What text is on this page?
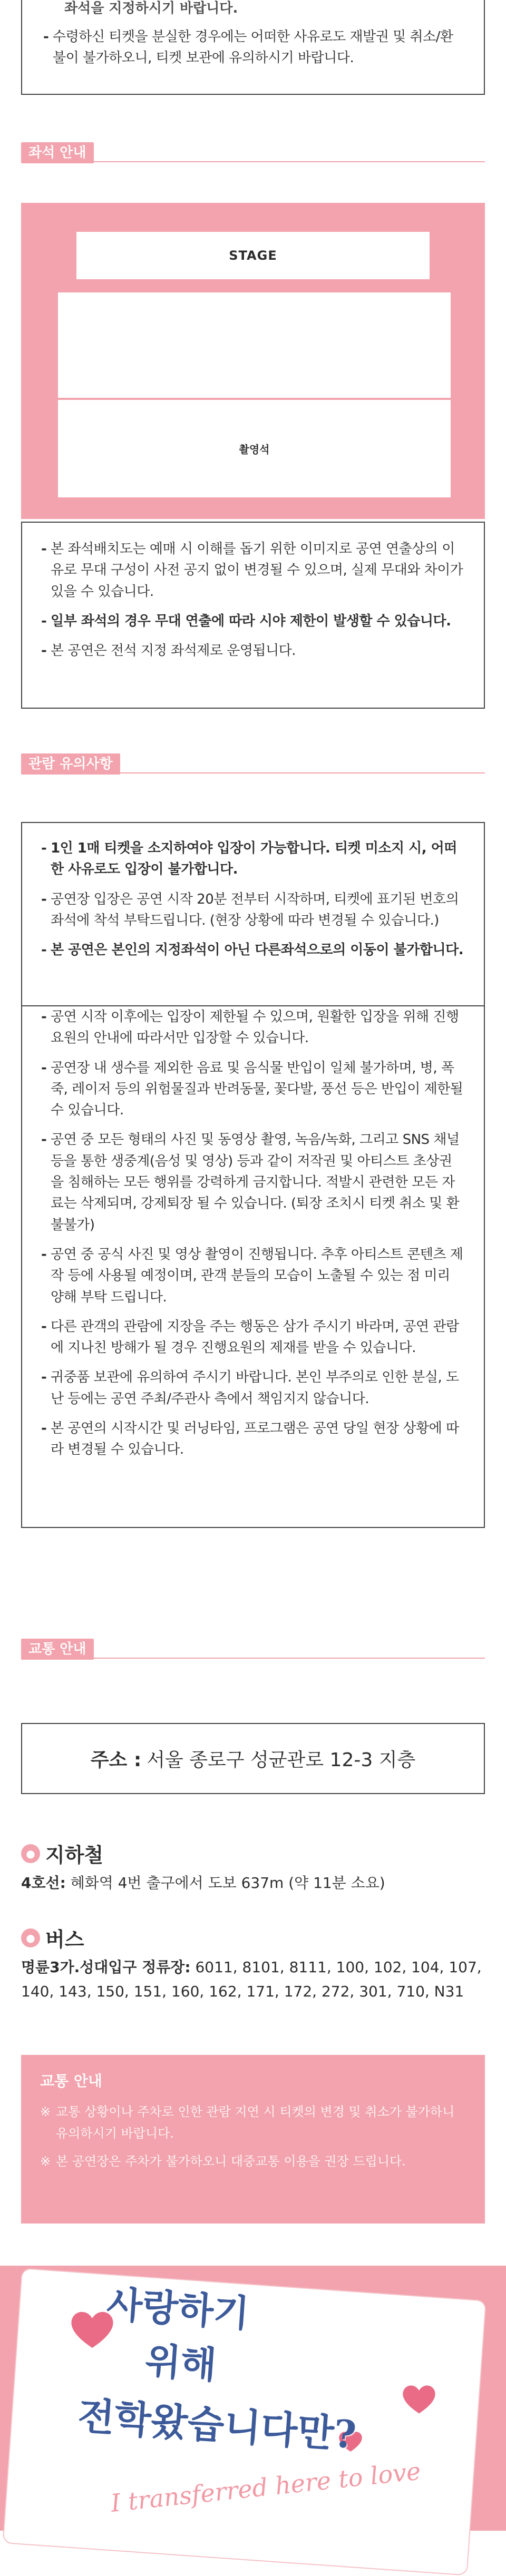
좌석을 지정하시기 바랍니다.
- 수령하신 티켓을 분실한 경우에는 어떠한 사유로도 재발권 및 취소/환불이 불가하오니, 티켓 보관에 유의하시기 바랍니다.
좌석 안내
STAGE
촬영석
- 본 좌석배치도는 예매 시 이해를 돕기 위한 이미지로 공연 연출상의 이유로 무대 구성이 사전 공지 없이 변경될 수 있으며, 실제 무대와 차이가 있을 수 있습니다.
- 일부 좌석의 경우 무대 연출에 따라 시야 제한이 발생할 수 있습니다.
- 본 공연은 전석 지정 좌석제로 운영됩니다.
관람 유의사항
- 1인 1매 티켓을 소지하여야 입장이 가능합니다. 티켓 미소지 시, 어떠한 사유로도 입장이 불가합니다.
- 공연장 입장은 공연 시작 20분 전부터 시작하며, 티켓에 표기된 번호의 좌석에 착석 부탁드립니다. (현장 상황에 따라 변경될 수 있습니다.)
- 본 공연은 본인의 지정좌석이 아닌 다른좌석으로의 이동이 불가합니다.
- 공연 시작 이후에는 입장이 제한될 수 있으며, 원활한 입장을 위해 진행요원의 안내에 따라서만 입장할 수 있습니다.
- 공연장 내 생수를 제외한 음료 및 음식물 반입이 일체 불가하며, 병, 폭죽, 레이저 등의 위험물질과 반려동물, 꽃다발, 풍선 등은 반입이 제한될 수 있습니다.
- 공연 중 모든 형태의 사진 및 동영상 촬영, 녹음/녹화, 그리고 SNS 채널 등을 통한 생중계(음성 및 영상) 등과 같이 저작권 및 아티스트 초상권을 침해하는 모든 행위를 강력하게 금지합니다. 적발시 관련한 모든 자료는 삭제되며, 강제퇴장 될 수 있습니다. (퇴장 조치시 티켓 취소 및 환불불가)
- 공연 중 공식 사진 및 영상 촬영이 진행됩니다. 추후 아티스트 콘텐츠 제작 등에 사용될 예정이며, 관객 분들의 모습이 노출될 수 있는 점 미리 양해 부탁 드립니다.
- 다른 관객의 관람에 지장을 주는 행동은 삼가 주시기 바라며, 공연 관람에 지나친 방해가 될 경우 진행요원의 제재를 받을 수 있습니다.
- 귀중품 보관에 유의하여 주시기 바랍니다. 본인 부주의로 인한 분실, 도난 등에는 공연 주최/주관사 측에서 책임지지 않습니다.
- 본 공연의 시작시간 및 러닝타임, 프로그램은 공연 당일 현장 상황에 따라 변경될 수 있습니다.
교통 안내
주소 : 서울 종로구 성균관로 12-3 지층
● 지하철
4호선: 혜화역 4번 출구에서 도보 637m (약 11분 소요)
● 버스
명륜3가.성대입구 정류장: 6011, 8101, 8111, 100, 102, 104, 107, 140, 143, 150, 151, 160, 162, 171, 172, 272, 301, 710, N31
교통 안내
※ 교통 상황이나 주차로 인한 관람 지연 시 티켓의 변경 및 취소가 불가하니 유의하시기 바랍니다.
※ 본 공연장은 주차가 불가하오니 대중교통 이용을 권장 드립니다.
사랑하기
위해
전학왔습니다만?
I transferred here to love
